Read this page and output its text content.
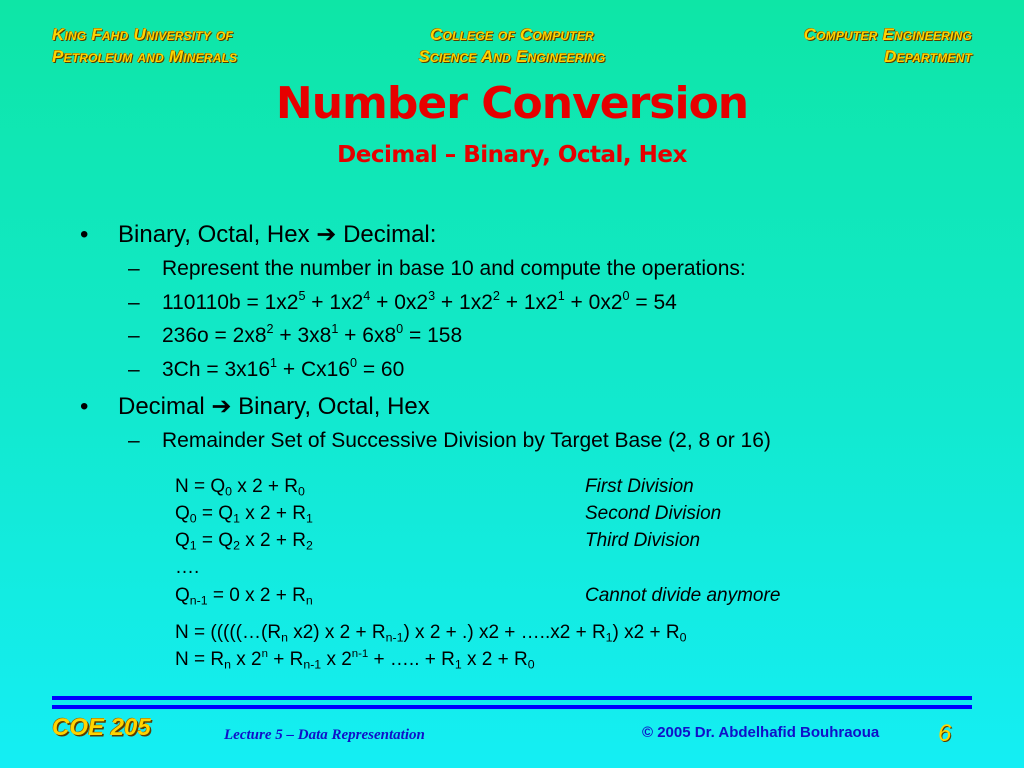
King Fahd University of
Petroleum and Minerals
College of Computer
Science And Engineering
Computer Engineering
Department
Number Conversion
Decimal – Binary, Octal, Hex
• Binary, Octal, Hex ➔ Decimal:
– Represent the number in base 10 and compute the operations:
– $110110b = 1x2^5 + 1x2^4 + 0x2^3 + 1x2^2 + 1x2^1 + 0x2^0 = 54$
– $236o = 2x8^2 + 3x8^1 + 6x8^0 = 158$
– $3Ch = 3x16^1 + Cx16^0 = 60$
• Decimal ➔ Binary, Octal, Hex
– Remainder Set of Successive Division by Target Base (2, 8 or 16)
$N = Q_0$ x $2 + R_0$	First Division
$Q_0 = Q_1$ x $2 + R_1$	Second Division
$Q_1 = Q_2$ x $2 + R_2$	Third Division
….
$Q_{n-1} = 0$ x $2 + R_n$	Cannot divide anymore
$N = (((((\dots(R_n$ x2) x $2 + R_{n-1}$) x 2 + .) x2 + …..x2 + $R_1$) $x2 + R_0$
$N = R_n$ x $2^n + R_{n-1}$ x $2^{n-1}$ + ….. + $R_1$ x $2 + R_0$
COE 205	Lecture 5 – Data Representation	© 2005 Dr. Abdelhafid Bouhraoua 6
